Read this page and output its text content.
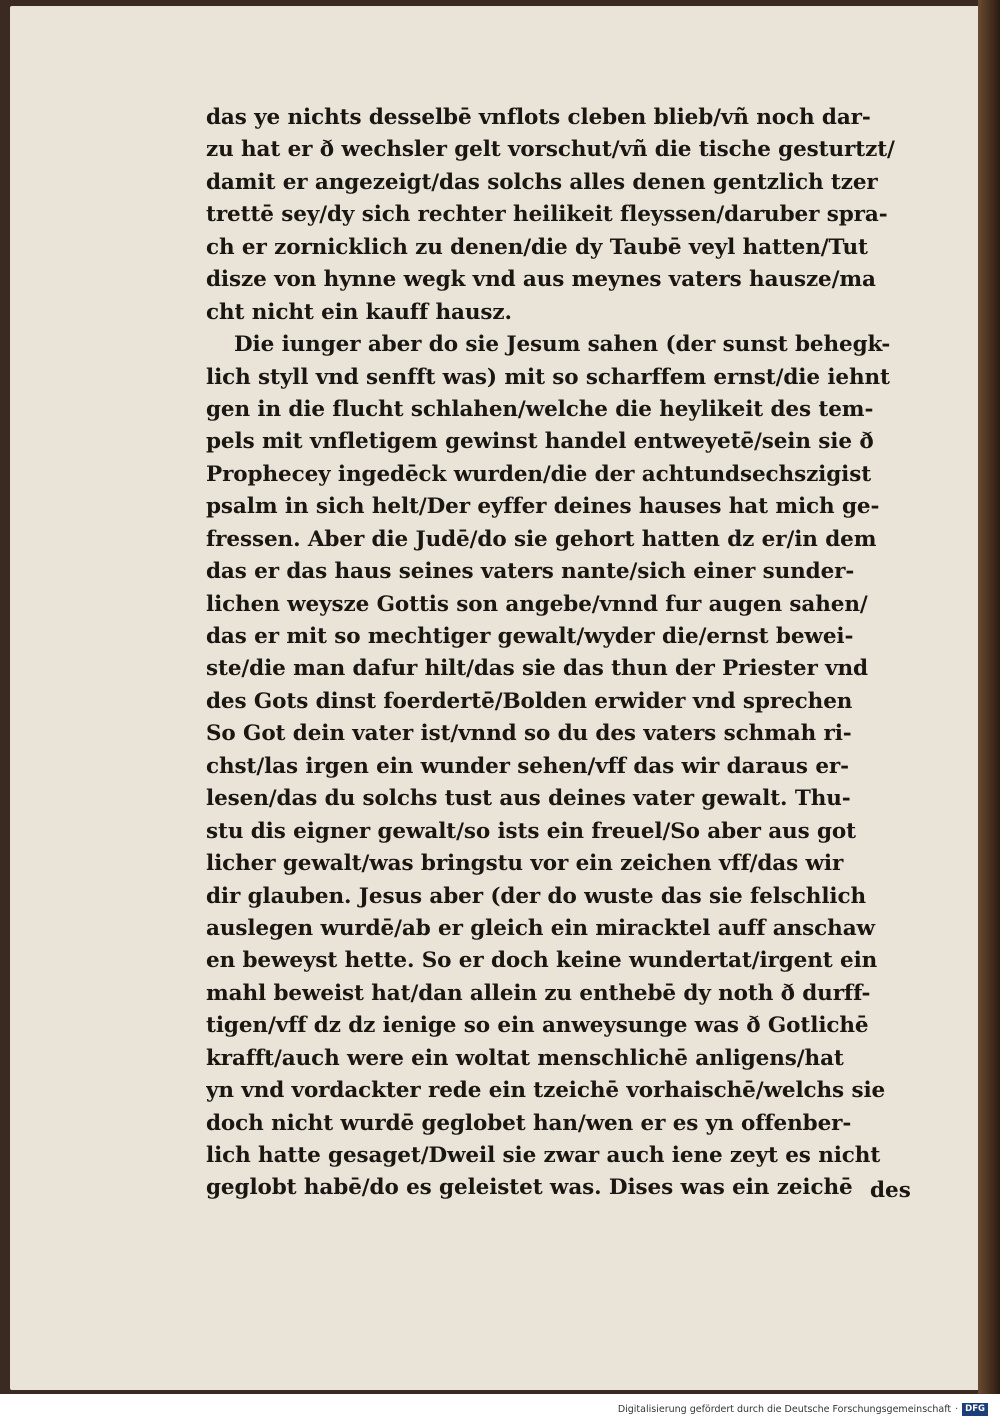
das ye nichts desselbē vnflots cleben blieb/vñ noch dar-
zu hat er ð wechsler gelt vorschut/vñ die tische gesturtzt/
damit er angezeigt/das solchs alles denen gentzlich tzer
trettē sey/dy sich rechter heilikeit fleyssen/daruber spra-
ch er zornicklich zu denen/die dy Taubē veyl hatten/Tut
disze von hynne wegk vnd aus meynes vaters hausze/ma
cht nicht ein kauff hausz.
Die iunger aber do sie Jesum sahen (der sunst behegk-
lich styll vnd senfft was) mit so scharffem ernst/die iehnt
gen in die flucht schlahen/welche die heylikeit des tem-
pels mit vnfletigem gewinst handel entweyetē/sein sie ð
Prophecey ingedēck wurden/die der achtundsechszigist
psalm in sich helt/Der eyffer deines hauses hat mich ge-
fressen. Aber die Judē/do sie gehort hatten dz er/in dem
das er das haus seines vaters nante/sich einer sunder-
lichen weysze Gottis son angebe/vnnd fur augen sahen/
das er mit so mechtiger gewalt/wyder die/ernst bewei-
ste/die man dafur hilt/das sie das thun der Priester vnd
des Gots dinst foerdertē/Bolden erwider vnd sprechen
So Got dein vater ist/vnnd so du des vaters schmah ri-
chst/las irgen ein wunder sehen/vff das wir daraus er-
lesen/das du solchs tust aus deines vater gewalt. Thu-
stu dis eigner gewalt/so ists ein freuel/So aber aus got
licher gewalt/was bringstu vor ein zeichen vff/das wir
dir glauben. Jesus aber (der do wuste das sie felschlich
auslegen wurdē/ab er gleich ein miracktel auff anschaw
en beweyst hette. So er doch keine wundertat/irgent ein
mahl beweist hat/dan allein zu enthebē dy noth ð durff-
tigen/vff dz dz ienige so ein anweysunge was ð Gotlichē
krafft/auch were ein woltat menschlichē anligens/hat
yn vnd vordackter rede ein tzeichē vorhaischē/welchs sie
doch nicht wurdē geglobet han/wen er es yn offenber-
lich hatte gesaget/Dweil sie zwar auch iene zeyt es nicht
geglobt habē/do es geleistet was. Dises was ein zeichē des
Digitalisierung gefördert durch die Deutsche Forschungsgemeinschaft · DFG
